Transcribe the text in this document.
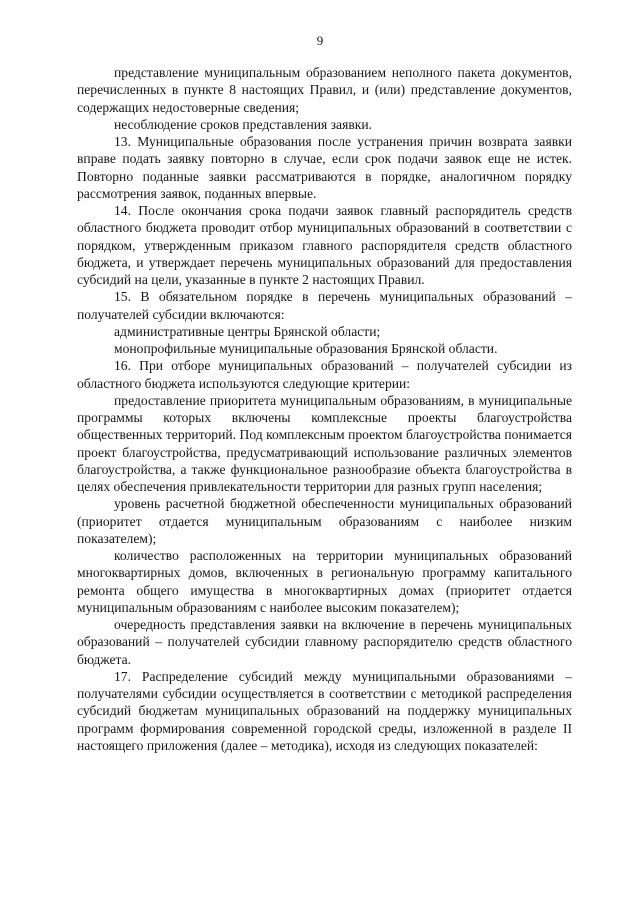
9

представление муниципальным образованием неполного пакета документов, перечисленных в пункте 8 настоящих Правил, и (или) представление документов, содержащих недостоверные сведения;

несоблюдение сроков представления заявки.

13. Муниципальные образования после устранения причин возврата заявки вправе подать заявку повторно в случае, если срок подачи заявок еще не истек. Повторно поданные заявки рассматриваются в порядке, аналогичном порядку рассмотрения заявок, поданных впервые.

14. После окончания срока подачи заявок главный распорядитель средств областного бюджета проводит отбор муниципальных образований в соответствии с порядком, утвержденным приказом главного распорядителя средств областного бюджета, и утверждает перечень муниципальных образований для предоставления субсидий на цели, указанные в пункте 2 настоящих Правил.

15. В обязательном порядке в перечень муниципальных образований – получателей субсидии включаются:

административные центры Брянской области;

монопрофильные муниципальные образования Брянской области.

16. При отборе муниципальных образований – получателей субсидии из областного бюджета используются следующие критерии:

предоставление приоритета муниципальным образованиям, в муниципальные программы которых включены комплексные проекты благоустройства общественных территорий. Под комплексным проектом благоустройства понимается проект благоустройства, предусматривающий использование различных элементов благоустройства, а также функциональное разнообразие объекта благоустройства в целях обеспечения привлекательности территории для разных групп населения;

уровень расчетной бюджетной обеспеченности муниципальных образований (приоритет отдается муниципальным образованиям с наиболее низким показателем);

количество расположенных на территории муниципальных образований многоквартирных домов, включенных в региональную программу капитального ремонта общего имущества в многоквартирных домах (приоритет отдается муниципальным образованиям с наиболее высоким показателем);

очередность представления заявки на включение в перечень муниципальных образований – получателей субсидии главному распорядителю средств областного бюджета.

17. Распределение субсидий между муниципальными образованиями – получателями субсидии осуществляется в соответствии с методикой распределения субсидий бюджетам муниципальных образований на поддержку муниципальных программ формирования современной городской среды, изложенной в разделе II настоящего приложения (далее – методика), исходя из следующих показателей:
